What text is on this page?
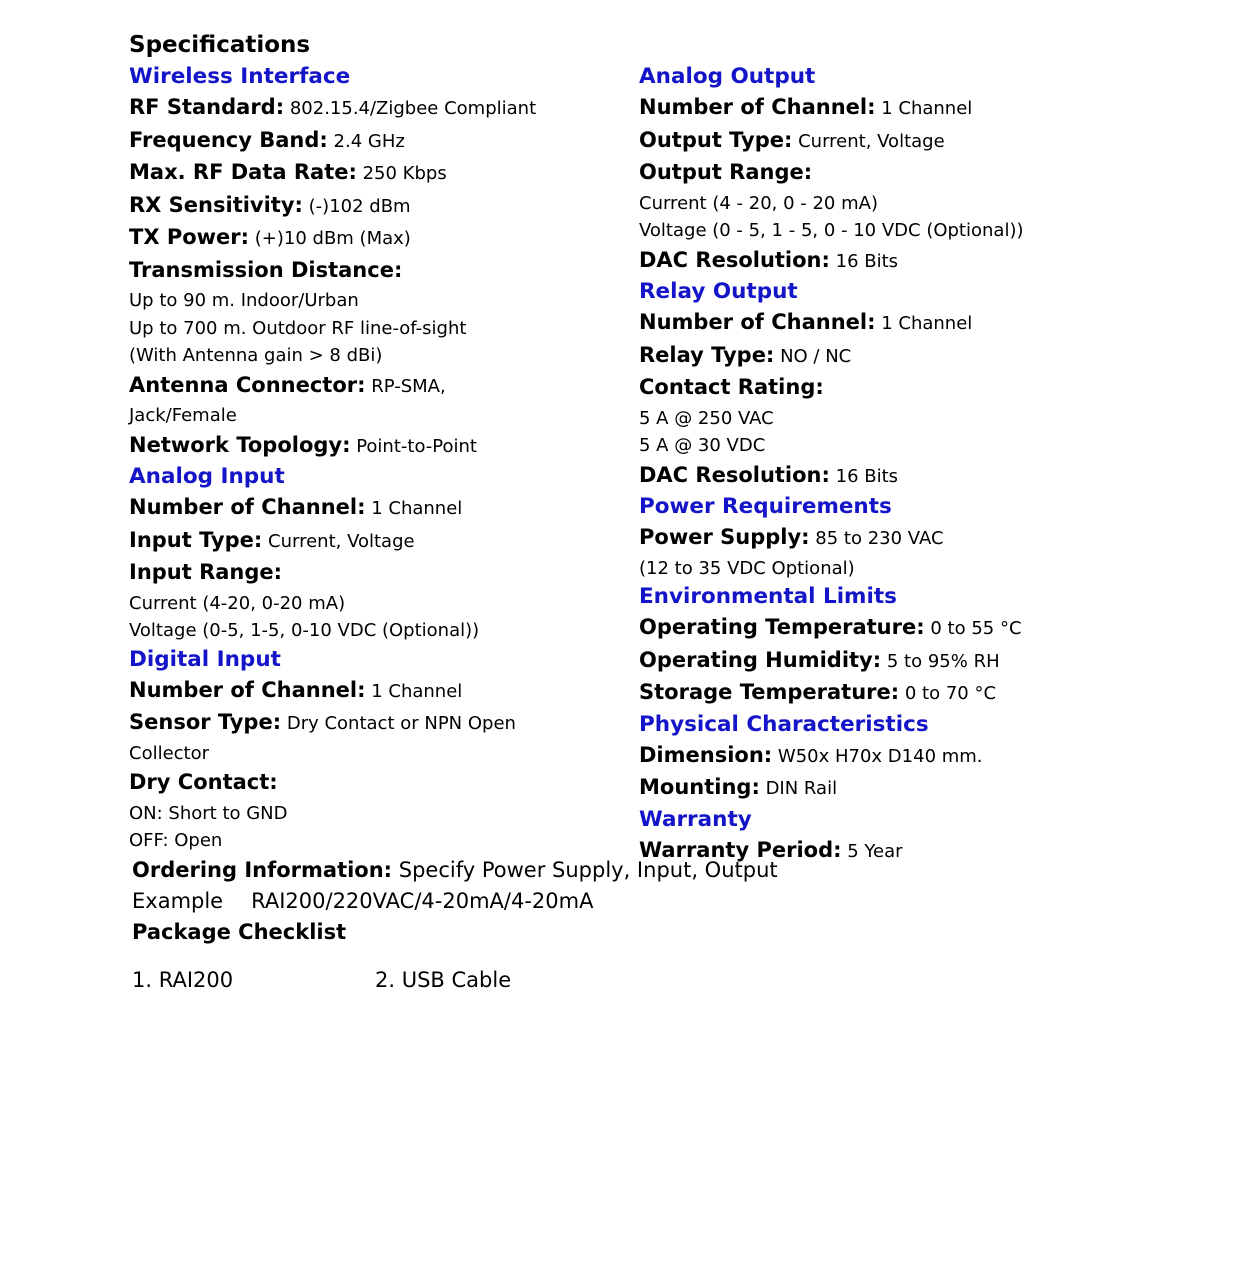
Specifications
Wireless Interface
RF Standard: 802.15.4/Zigbee Compliant
Frequency Band: 2.4 GHz
Max. RF Data Rate: 250 Kbps
RX Sensitivity: (-)102 dBm
TX Power: (+)10 dBm (Max)
Transmission Distance:
Up to 90 m. Indoor/Urban
Up to 700 m. Outdoor RF line-of-sight
(With Antenna gain > 8 dBi)
Antenna Connector: RP-SMA,
Jack/Female
Network Topology: Point-to-Point
Analog Input
Number of Channel: 1 Channel
Input Type: Current, Voltage
Input Range:
Current (4-20, 0-20 mA)
Voltage (0-5, 1-5, 0-10 VDC (Optional))
Digital Input
Number of Channel: 1 Channel
Sensor Type: Dry Contact or NPN Open
Collector
Dry Contact:
ON: Short to GND
OFF: Open
Analog Output
Number of Channel: 1 Channel
Output Type: Current, Voltage
Output Range:
Current (4 - 20, 0 - 20 mA)
Voltage (0 - 5, 1 - 5, 0 - 10 VDC (Optional))
DAC Resolution: 16 Bits
Relay Output
Number of Channel: 1 Channel
Relay Type: NO / NC
Contact Rating:
5 A @ 250 VAC
5 A @ 30 VDC
DAC Resolution: 16 Bits
Power Requirements
Power Supply: 85 to 230 VAC
(12 to 35 VDC Optional)
Environmental Limits
Operating Temperature: 0 to 55 °C
Operating Humidity: 5 to 95% RH
Storage Temperature: 0 to 70 °C
Physical Characteristics
Dimension: W50x H70x D140 mm.
Mounting: DIN Rail
Warranty
Warranty Period: 5 Year
Ordering Information: Specify Power Supply, Input, Output
Example RAI200/220VAC/4-20mA/4-20mA
Package Checklist
1. RAI200	2. USB Cable
